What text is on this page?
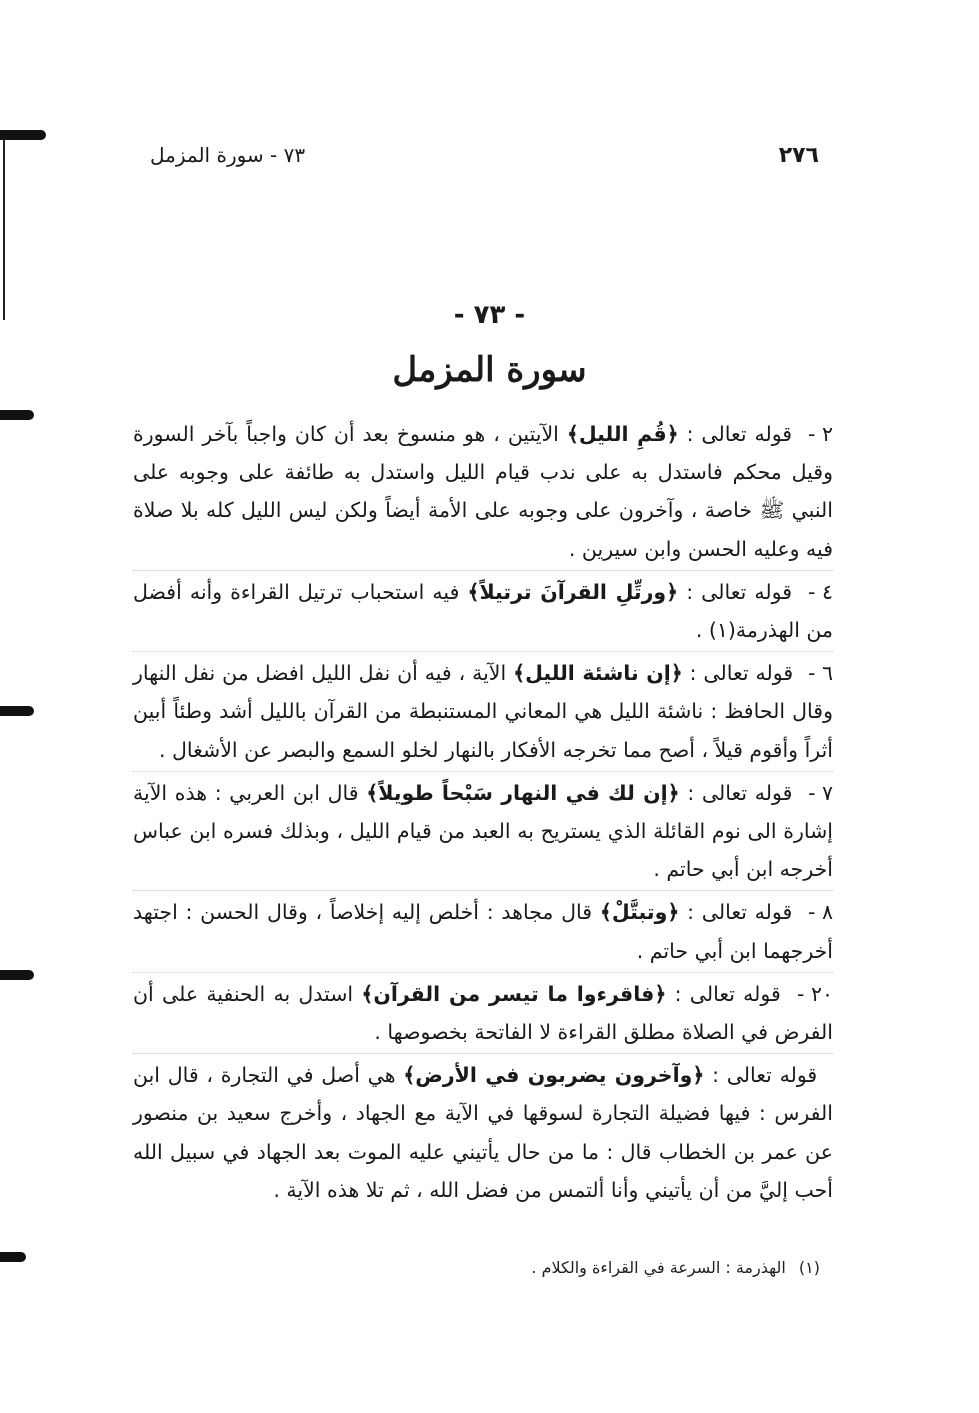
٢٧٦
٧٣ - سورة المزمل
- ٧٣ -
سورة المزمل

٢ - قوله تعالى : ﴿قُمِ الليل﴾ الآيتين ، هو منسوخ بعد أن كان واجباً بآخر السورة وقيل محكم فاستدل به على ندب قيام الليل واستدل به طائفة على وجوبه على النبي ﷺ خاصة ، وآخرون على وجوبه على الأمة أيضاً ولكن ليس الليل كله بلا صلاة فيه وعليه الحسن وابن سيرين .

٤ - قوله تعالى : ﴿ورتِّلِ القرآنَ ترتيلاً﴾ فيه استحباب ترتيل القراءة وأنه أفضل من الهذرمة(١) .

٦ - قوله تعالى : ﴿إن ناشئة الليل﴾ الآية ، فيه أن نفل الليل افضل من نفل النهار وقال الحافظ : ناشئة الليل هي المعاني المستنبطة من القرآن بالليل أشد وطئاً أبين أثراً وأقوم قيلاً ، أصح مما تخرجه الأفكار بالنهار لخلو السمع والبصر عن الأشغال .

٧ - قوله تعالى : ﴿إن لك في النهار سَبْحاً طويلاً﴾ قال ابن العربي : هذه الآية إشارة الى نوم القائلة الذي يستريح به العبد من قيام الليل ، وبذلك فسره ابن عباس أخرجه ابن أبي حاتم .

٨ - قوله تعالى : ﴿وتبتَّلْ﴾ قال مجاهد : أخلص إليه إخلاصاً ، وقال الحسن : اجتهد أخرجهما ابن أبي حاتم .

٢٠ - قوله تعالى : ﴿فاقرءوا ما تيسر من القرآن﴾ استدل به الحنفية على أن الفرض في الصلاة مطلق القراءة لا الفاتحة بخصوصها .

قوله تعالى : ﴿وآخرون يضربون في الأرض﴾ هي أصل في التجارة ، قال ابن الفرس : فيها فضيلة التجارة لسوقها في الآية مع الجهاد ، وأخرج سعيد بن منصور عن عمر بن الخطاب قال : ما من حال يأتيني عليه الموت بعد الجهاد في سبيل الله أحب إليَّ من أن يأتيني وأنا ألتمس من فضل الله ، ثم تلا هذه الآية .

(١) الهذرمة : السرعة في القراءة والكلام .
